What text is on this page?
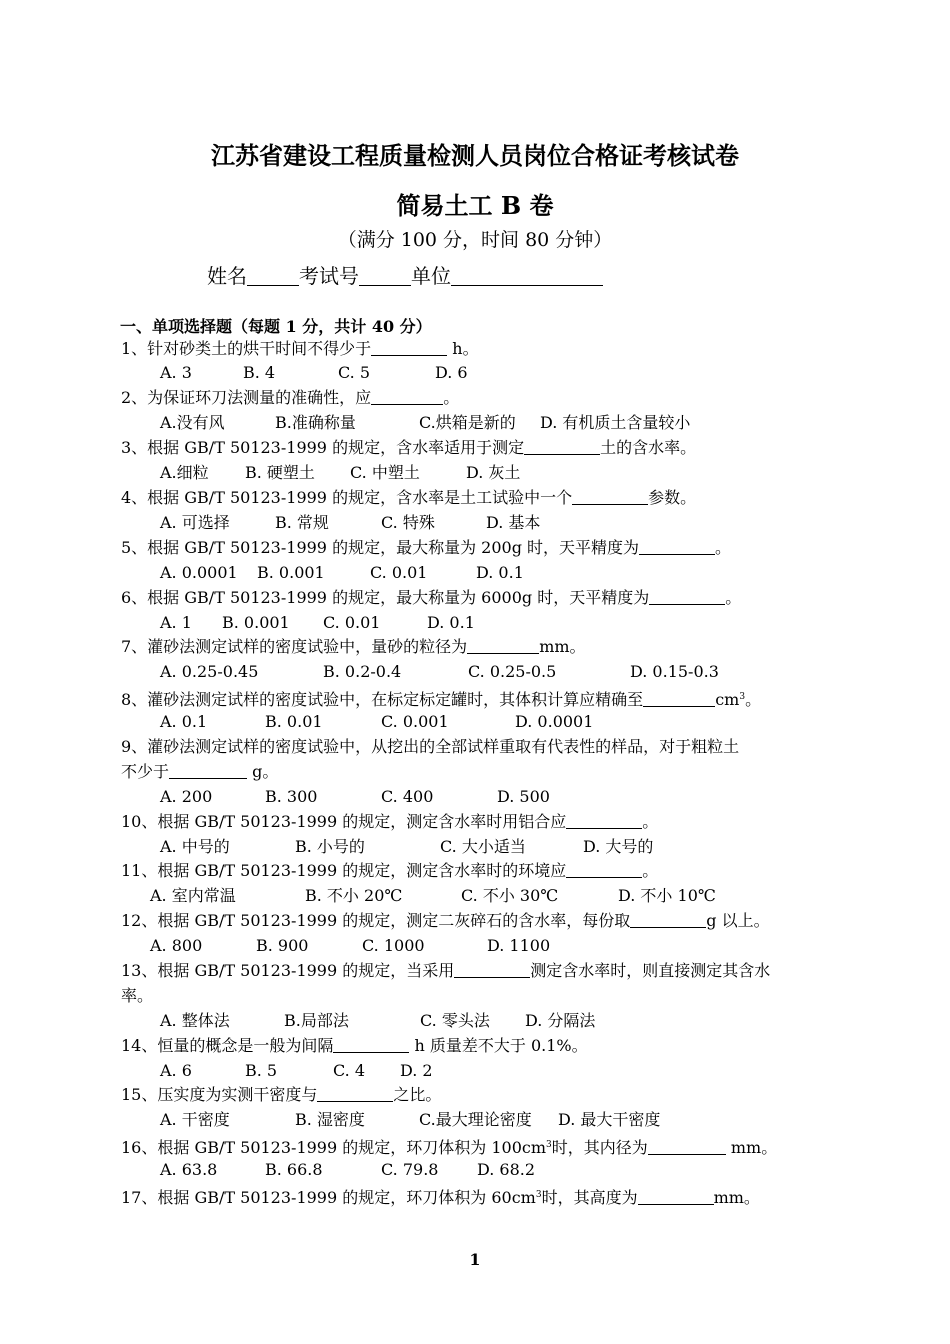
江苏省建设工程质量检测人员岗位合格证考核试卷
简易土工 B 卷
（满分 100 分，时间 80 分钟）
姓名	考试号	单位
一、单项选择题（每题 1 分，共计 40 分）
1、针对砂类土的烘干时间不得少于	h。
A. 3	B. 4	C. 5	D. 6
2、为保证环刀法测量的准确性，应	。
A.没有风	B.准确称量	C.烘箱是新的 D. 有机质土含量较小
3、根据 GB/T 50123-1999 的规定，含水率适用于测定	土的含水率。
A.细粒 B. 硬塑土 C. 中塑土	D. 灰土
4、根据 GB/T 50123-1999 的规定，含水率是土工试验中一个	参数。
A. 可选择	B. 常规	C. 特殊	D. 基本
5、根据 GB/T 50123-1999 的规定，最大称量为 200g 时，天平精度为	。
A. 0.0001 B. 0.001	C. 0.01	D. 0.1
6、根据 GB/T 50123-1999 的规定，最大称量为 6000g 时，天平精度为	。
A. 1 B. 0.001 C. 0.01	D. 0.1
7、灌砂法测定试样的密度试验中，量砂的粒径为	mm。
A. 0.25-0.45	B. 0.2-0.4	C. 0.25-0.5	D. 0.15-0.3
8、灌砂法测定试样的密度试验中，在标定标定罐时，其体积计算应精确至	$cm^3$。
A. 0.1	B. 0.01	C. 0.001	D. 0.0001
9、灌砂法测定试样的密度试验中，从挖出的全部试样重取有代表性的样品，对于粗粒土
不少于	g。
A. 200	B. 300	C. 400	D. 500
10、根据 GB/T 50123-1999 的规定，测定含水率时用铝合应	。
A. 中号的	B. 小号的	C. 大小适当	D. 大号的
11、根据 GB/T 50123-1999 的规定，测定含水率时的环境应	。
A. 室内常温	B. 不小 20℃	C. 不小 30℃	D. 不小 10℃
12、根据 GB/T 50123-1999 的规定，测定二灰碎石的含水率，每份取	g 以上。
A. 800	B. 900	C. 1000	D. 1100
13、根据 GB/T 50123-1999 的规定，当采用	测定含水率时，则直接测定其含水
率。
A. 整体法	B.局部法	C. 零头法 D. 分隔法
14、恒量的概念是一般为间隔	h 质量差不大于 0.1%。
A. 6	B. 5	C. 4 D. 2
15、压实度为实测干密度与	之比。
A. 干密度	B. 湿密度	C.最大理论密度 D. 最大干密度
16、根据 GB/T 50123-1999 的规定，环刀体积为 $100cm^3$时，其内径为	mm。
A. 63.8	B. 66.8	C. 79.8 D. 68.2
17、根据 GB/T 50123-1999 的规定，环刀体积为 $60cm^3$时，其高度为	mm。
1
